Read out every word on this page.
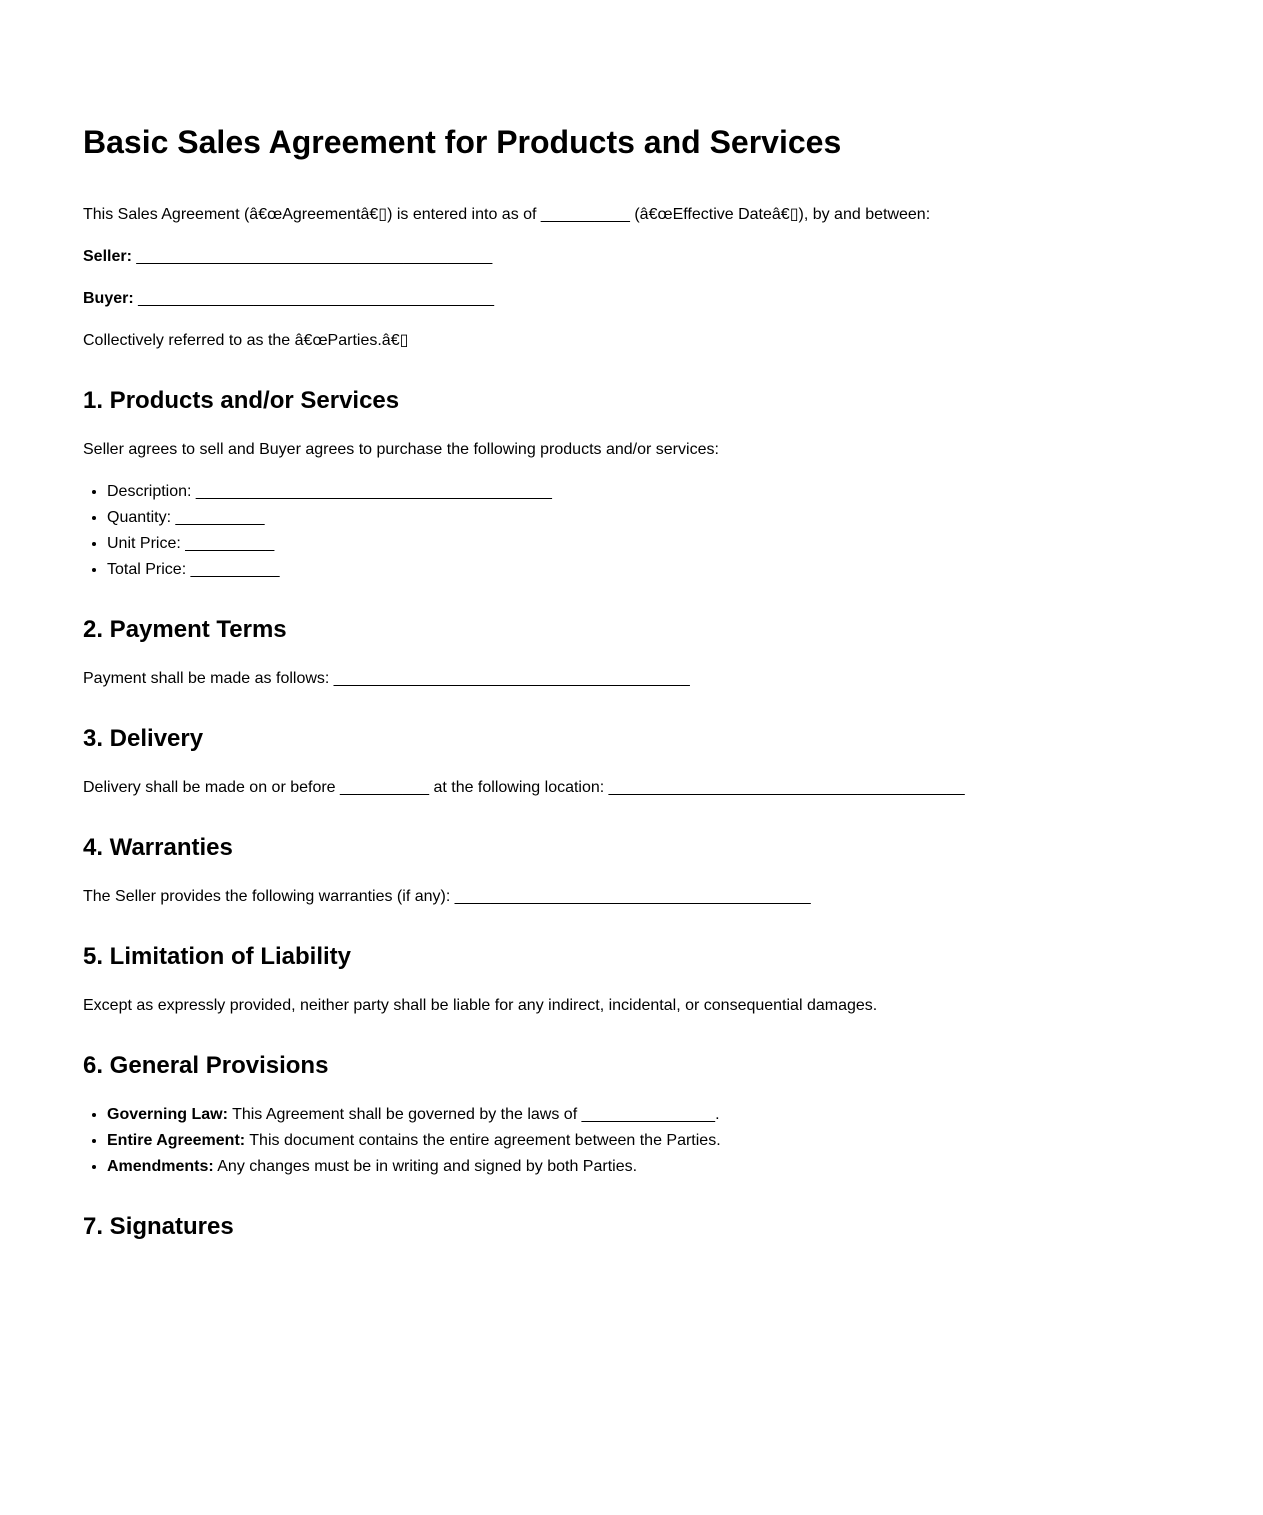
Basic Sales Agreement for Products and Services

This Sales Agreement (â€œAgreementâ€▯) is entered into as of __________ (â€œEffective Dateâ€▯), by and between:

Seller: ________________________________________

Buyer: ________________________________________

Collectively referred to as the â€œParties.â€▯

1. Products and/or Services

Seller agrees to sell and Buyer agrees to purchase the following products and/or services:

• Description: ________________________________________
• Quantity: __________
• Unit Price: __________
• Total Price: __________
2. Payment Terms

Payment shall be made as follows: ________________________________________

3. Delivery

Delivery shall be made on or before __________ at the following location: ________________________________________

4. Warranties

The Seller provides the following warranties (if any): ________________________________________

5. Limitation of Liability

Except as expressly provided, neither party shall be liable for any indirect, incidental, or consequential damages.

6. General Provisions
• Governing Law: This Agreement shall be governed by the laws of _______________.
• Entire Agreement: This document contains the entire agreement between the Parties.
• Amendments: Any changes must be in writing and signed by both Parties.
7. Signatures
